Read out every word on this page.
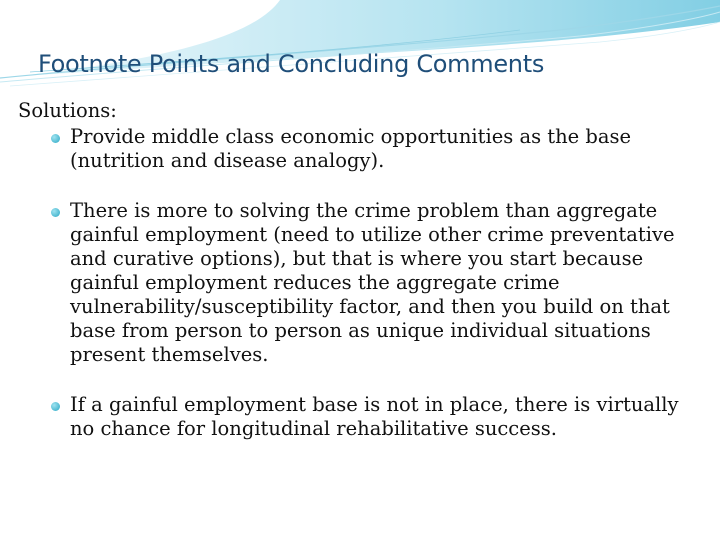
Footnote Points and Concluding Comments

Solutions:

Provide middle class economic opportunities as the base (nutrition and disease analogy).

There is more to solving the crime problem than aggregate gainful employment (need to utilize other crime preventative and curative options), but that is where you start because gainful employment reduces the aggregate crime vulnerability/susceptibility factor, and then you build on that base from person to person as unique individual situations present themselves.

If a gainful employment base is not in place, there is virtually no chance for longitudinal rehabilitative success.
